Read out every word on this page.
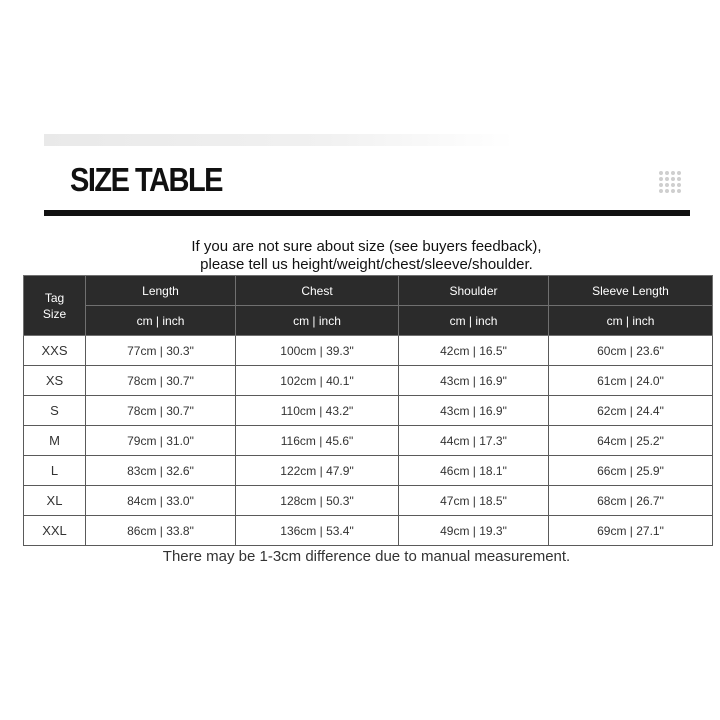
SIZE TABLE
If you are not sure about size (see buyers feedback),
please tell us height/weight/chest/sleeve/shoulder.
Tag
Size	Length	Chest	Shoulder	Sleeve Length
	cm | inch	cm | inch	cm | inch	cm | inch
XXS	77cm | 30.3"	100cm | 39.3"	42cm | 16.5"	60cm | 23.6"
XS	78cm | 30.7"	102cm | 40.1"	43cm | 16.9"	61cm | 24.0"
S	78cm | 30.7"	110cm | 43.2"	43cm | 16.9"	62cm | 24.4"
M	79cm | 31.0"	116cm | 45.6"	44cm | 17.3"	64cm | 25.2"
L	83cm | 32.6"	122cm | 47.9"	46cm | 18.1"	66cm | 25.9"
XL	84cm | 33.0"	128cm | 50.3"	47cm | 18.5"	68cm | 26.7"
XXL	86cm | 33.8"	136cm | 53.4"	49cm | 19.3"	69cm | 27.1"
There may be 1-3cm difference due to manual measurement.
